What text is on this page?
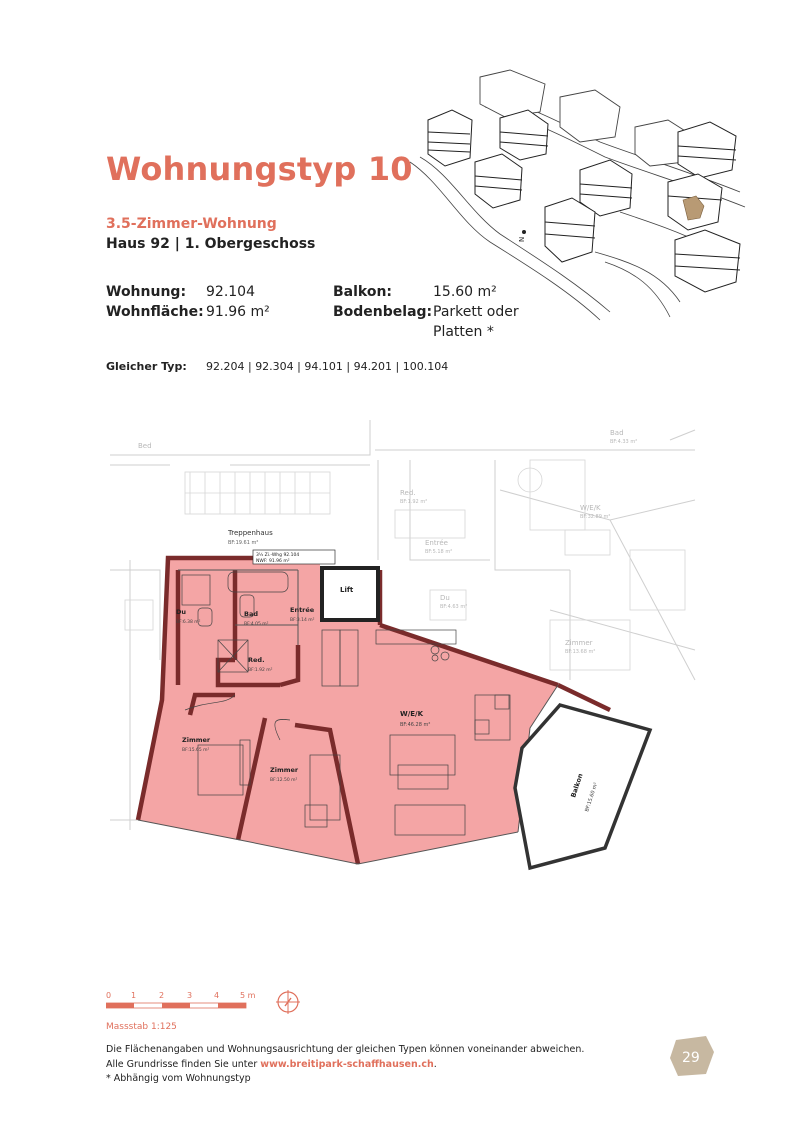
Wohnungstyp 10
3.5-Zimmer-Wohnung
Haus 92 | 1. Obergeschoss
Wohnung: 92.104
Wohnfläche: 91.96 m²
Balkon:	15.60 m²
Bodenbelag: Parkett oder
Platten *
Gleicher Typ: 92.204 | 92.304 | 94.101 | 94.201 | 100.104
N
Bed
Red.
BF:1.92 m²
Entrée
BF:5.18 m²
Du
BF:4.63 m²
W/E/K
BF:32.89 m²
Zimmer
BF:13.68 m²
Bad
BF:4.33 m²
Treppenhaus
BF:19.61 m²
Lift
3½ Zi.-Whg 92.104
NWF: 91.96 m²
Balkon BF:15.60 m²
Du
BF:6.38 m²
Bad
BF:4.05 m²
Entrée
BF:3.14 m²
Red.
BF:1.92 m²
W/E/K
BF:46.28 m²
Zimmer
BF:15.65 m²
Zimmer
BF:12.50 m²
0 1	2	3	4	5 m
Massstab 1:125
Die Flächenangaben und Wohnungsausrichtung der gleichen Typen können voneinander abweichen.
Alle Grundrisse finden Sie unter www.breitipark-schaffhausen.ch.
* Abhängig vom Wohnungstyp
29
